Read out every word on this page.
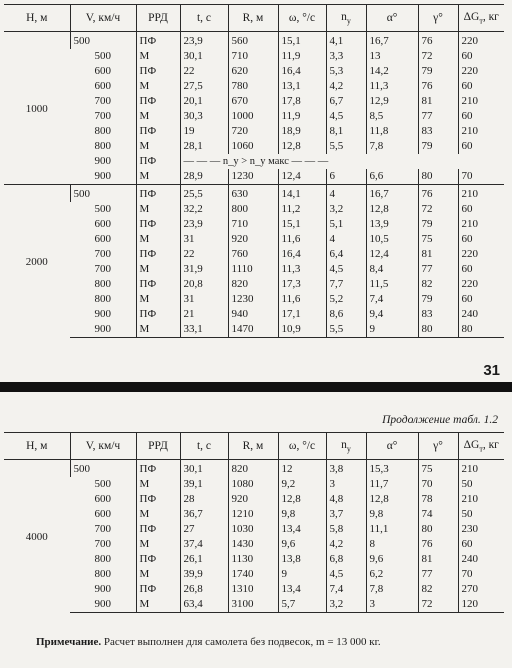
H, м	V, км/ч	РРД	t, с	R, м	ω, °/с	$n_y$	α°	γ°	$\Delta G_т$, кг
1000	500	ПФ	23,9	560	15,1	4,1	16,7	76	220
	500	М	30,1	710	11,9	3,3	13	72	60
	600	ПФ	22	620	16,4	5,3	14,2	79	220
	600	М	27,5	780	13,1	4,2	11,3	76	60
	700	ПФ	20,1	670	17,8	6,7	12,9	81	210
	700	М	30,3	1000	11,9	4,5	8,5	77	60
	800	ПФ	19	720	18,9	8,1	11,8	83	210
	800	М	28,1	1060	12,8	5,5	7,8	79	60
	900	ПФ	— — — n_y > n_y макс — — —						
	900	М	28,9	1230	12,4	6	6,6	80	70
2000	500	ПФ	25,5	630	14,1	4	16,7	76	210
	500	М	32,2	800	11,2	3,2	12,8	72	60
	600	ПФ	23,9	710	15,1	5,1	13,9	79	210
	600	М	31	920	11,6	4	10,5	75	60
	700	ПФ	22	760	16,4	6,4	12,4	81	220
	700	М	31,9	1110	11,3	4,5	8,4	77	60
	800	ПФ	20,8	820	17,3	7,7	11,5	82	220
	800	М	31	1230	11,6	5,2	7,4	79	60
	900	ПФ	21	940	17,1	8,6	9,4	83	240
	900	М	33,1	1470	10,9	5,5	9	80	80
31
Продолжение табл. 1.2
H, м	V, км/ч	РРД	t, с	R, м	ω, °/с	$n_y$	α°	γ°	$\Delta G_т$, кг
4000	500	ПФ	30,1	820	12	3,8	15,3	75	210
	500	М	39,1	1080	9,2	3	11,7	70	50
	600	ПФ	28	920	12,8	4,8	12,8	78	210
	600	М	36,7	1210	9,8	3,7	9,8	74	50
	700	ПФ	27	1030	13,4	5,8	11,1	80	230
	700	М	37,4	1430	9,6	4,2	8	76	60
	800	ПФ	26,1	1130	13,8	6,8	9,6	81	240
	800	М	39,9	1740	9	4,5	6,2	77	70
	900	ПФ	26,8	1310	13,4	7,4	7,8	82	270
	900	М	63,4	3100	5,7	3,2	3	72	120
Примечание. Расчет выполнен для самолета без подвесок, m = 13 000 кг.
